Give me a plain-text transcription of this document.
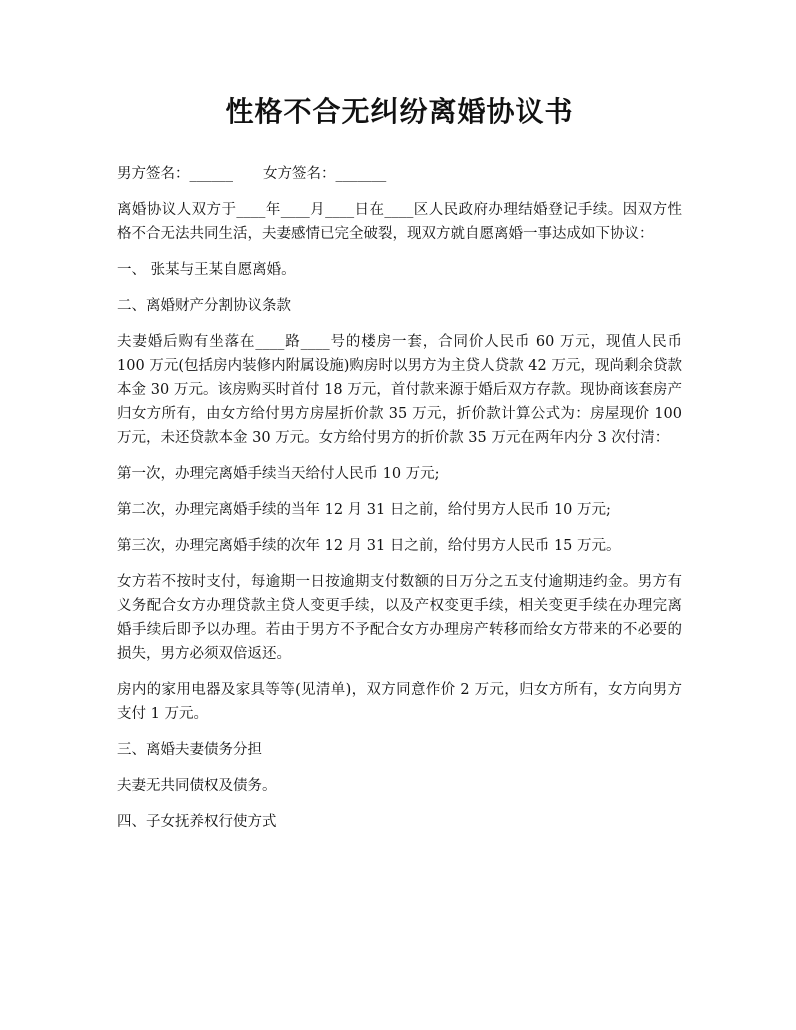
性格不合无纠纷离婚协议书
男方签名：______ 女方签名：_______

离婚协议人双方于____年____月____日在____区人民政府办理结婚登记手续。因双方性格不合无法共同生活，夫妻感情已完全破裂，现双方就自愿离婚一事达成如下协议：

一、 张某与王某自愿离婚。

二、离婚财产分割协议条款

夫妻婚后购有坐落在____路____号的楼房一套，合同价人民币 60 万元，现值人民币 100 万元(包括房内装修内附属设施)购房时以男方为主贷人贷款 42 万元，现尚剩余贷款本金 30 万元。该房购买时首付 18 万元，首付款来源于婚后双方存款。现协商该套房产归女方所有，由女方给付男方房屋折价款 35 万元，折价款计算公式为：房屋现价 100 万元，未还贷款本金 30 万元。女方给付男方的折价款 35 万元在两年内分 3 次付清：

第一次，办理完离婚手续当天给付人民币 10 万元;

第二次，办理完离婚手续的当年 12 月 31 日之前，给付男方人民币 10 万元;

第三次，办理完离婚手续的次年 12 月 31 日之前，给付男方人民币 15 万元。

女方若不按时支付，每逾期一日按逾期支付数额的日万分之五支付逾期违约金。男方有义务配合女方办理贷款主贷人变更手续，以及产权变更手续，相关变更手续在办理完离婚手续后即予以办理。若由于男方不予配合女方办理房产转移而给女方带来的不必要的损失，男方必须双倍返还。

房内的家用电器及家具等等(见清单)，双方同意作价 2 万元，归女方所有，女方向男方支付 1 万元。

三、离婚夫妻债务分担

夫妻无共同债权及债务。

四、子女抚养权行使方式
